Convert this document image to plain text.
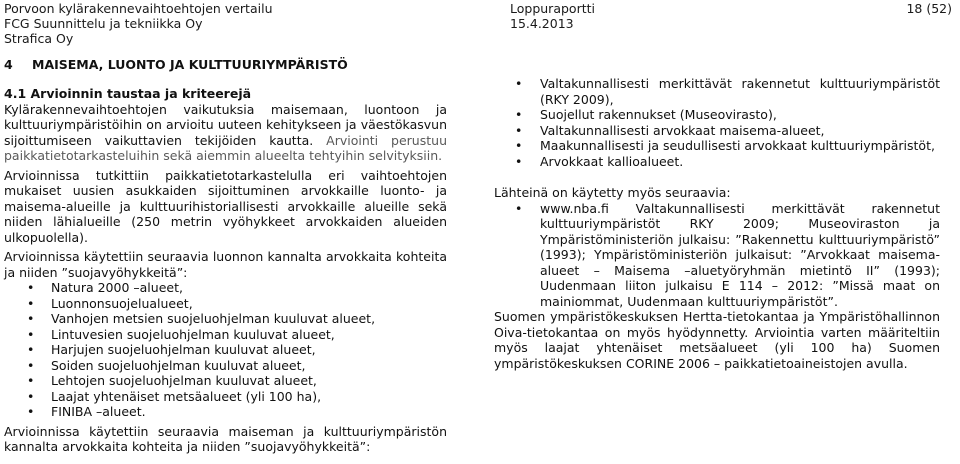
Porvoon kylärakennevaihtoehtojen vertailu
FCG Suunnittelu ja tekniikka Oy
Strafica Oy
Loppuraportti
15.4.2013
18 (52)
4 MAISEMA, LUONTO JA KULTTUURIYMPÄRISTÖ
4.1 Arvioinnin taustaa ja kriteerejä

Kylärakennevaihtoehtojen vaikutuksia maisemaan, luontoon ja kulttuuriympäristöihin on arvioitu uuteen kehitykseen ja väestökasvun sijoittumiseen vaikuttavien tekijöiden kautta. Arviointi perustuu paikkatietotarkasteluihin sekä aiemmin alueelta tehtyihin selvityksiin.

Arvioinnissa tutkittiin paikkatietotarkastelulla eri vaihtoehtojen mukaiset uusien asukkaiden sijoittuminen arvokkaille luonto- ja maisema-alueille ja kulttuurihistoriallisesti arvokkaille alueille sekä niiden lähialueille (250 metrin vyöhykkeet arvokkaiden alueiden ulkopuolella).

Arvioinnissa käytettiin seuraavia luonnon kannalta arvokkaita kohteita ja niiden ”suojavyöhykkeitä”:

• Natura 2000 –alueet,
• Luonnonsuojelualueet,
• Vanhojen metsien suojeluohjelman kuuluvat alueet,
• Lintuvesien suojeluohjelman kuuluvat alueet,
• Harjujen suojeluohjelman kuuluvat alueet,
• Soiden suojeluohjelman kuuluvat alueet,
• Lehtojen suojeluohjelman kuuluvat alueet,
• Laajat yhtenäiset metsäalueet (yli 100 ha),
• FINIBA –alueet.

Arvioinnissa käytettiin seuraavia maiseman ja kulttuuriympäristön kannalta arvokkaita kohteita ja niiden ”suojavyöhykkeitä”:

• Valtakunnallisesti merkittävät rakennetut kulttuuriympäristöt (RKY 2009),
• Suojellut rakennukset (Museovirasto),
• Valtakunnallisesti arvokkaat maisema-alueet,
• Maakunnallisesti ja seudullisesti arvokkaat kulttuuriympäristöt,
• Arvokkaat kallioalueet.

Lähteinä on käytetty myös seuraavia:

• www.nba.fi Valtakunnallisesti merkittävät rakennetut kulttuuriympäristöt RKY 2009; Museoviraston ja Ympäristöministeriön julkaisu: ”Rakennettu kulttuuriympäristö” (1993); Ympäristöministeriön julkaisut: ”Arvokkaat maisema-alueet – Maisema –aluetyöryhmän mietintö II” (1993); Uudenmaan liiton julkaisu E 114 – 2012: ”Missä maat on mainiommat, Uudenmaan kulttuuriympäristöt”.

Suomen ympäristökeskuksen Hertta-tietokantaa ja Ympäristöhallinnon Oiva-tietokantaa on myös hyödynnetty. Arviointia varten määriteltiin myös laajat yhtenäiset metsäalueet (yli 100 ha) Suomen ympäristökeskuksen CORINE 2006 – paikkatietoaineistojen avulla.
